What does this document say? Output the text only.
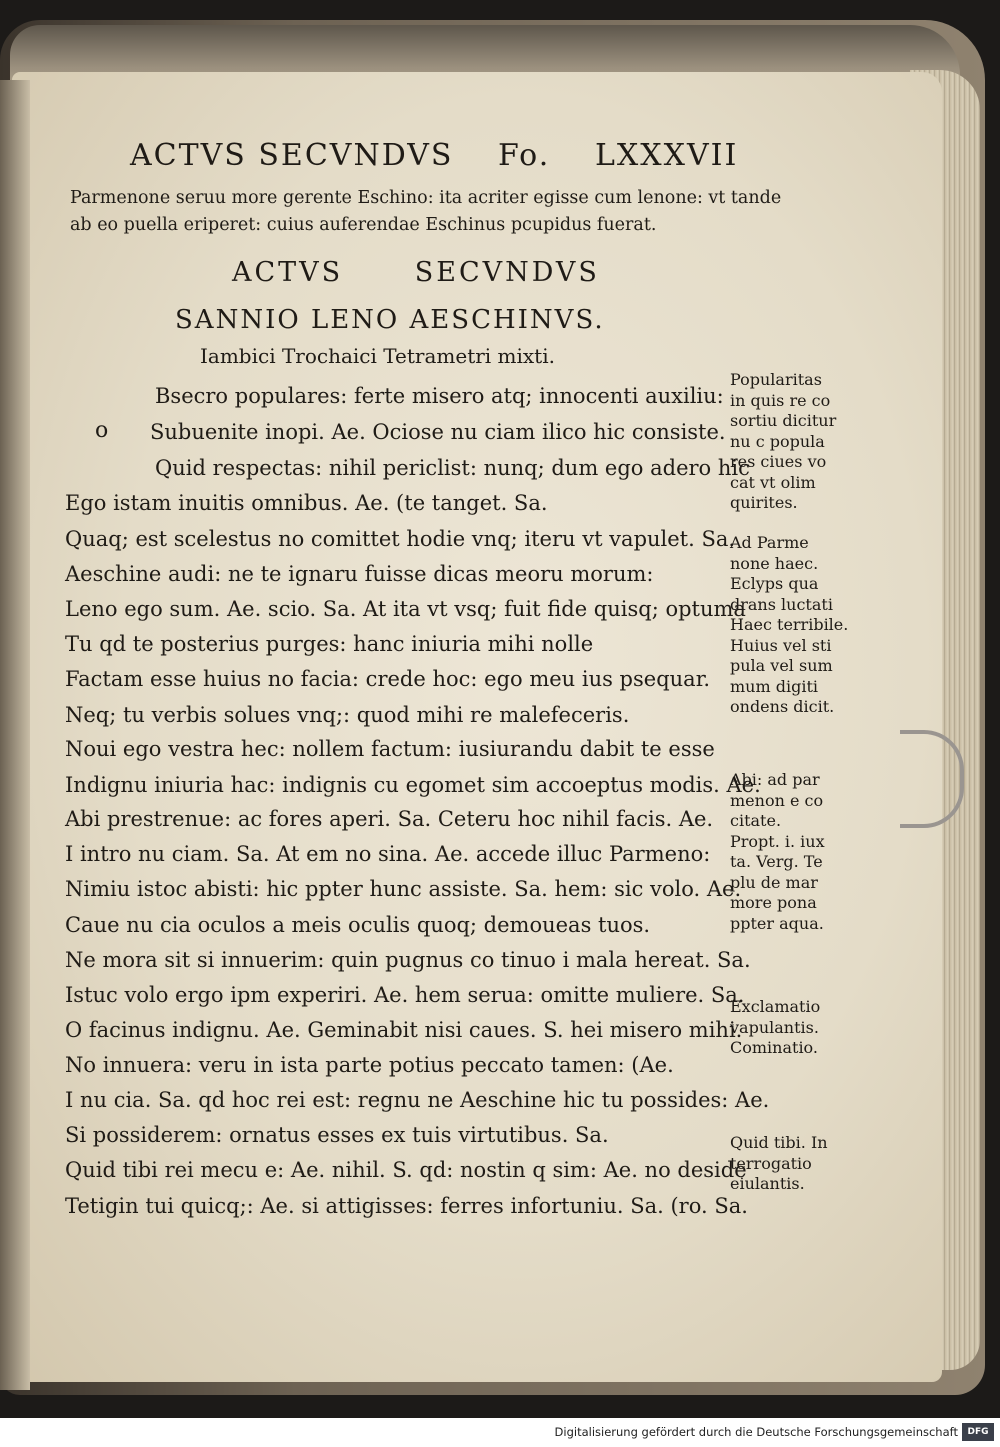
ACTVS SECVNDVS Fo. LXXXVII
Parmenone seruu more gerente Eschino: ita acriter egisse cum lenone: vt tande
ab eo puella eriperet: cuius auferendae Eschinus pcupidus fuerat.
ACTVS	SECVNDVS
SANNIO LENO AESCHINVS.
Iambici Trochaici Tetrametri mixti.
o
Bsecro populares: ferte misero atq; innocenti auxiliu:
Subuenite inopi. Ae. Ociose nu ciam ilico hic consiste.
Quid respectas: nihil periclist: nunq; dum ego adero hic
Ego istam inuitis omnibus. Ae. (te tanget. Sa.
Quaq; est scelestus no comittet hodie vnq; iteru vt vapulet. Sa.
Aeschine audi: ne te ignaru fuisse dicas meoru morum:
Leno ego sum. Ae. scio. Sa. At ita vt vsq; fuit fide quisq; optuma
Tu qd te posterius purges: hanc iniuria mihi nolle
Factam esse huius no facia: crede hoc: ego meu ius psequar.
Neq; tu verbis solues vnq;: quod mihi re malefeceris.
Noui ego vestra hec: nollem factum: iusiurandu dabit te esse
Indignu iniuria hac: indignis cu egomet sim accoeptus modis. Ae.
Abi prestrenue: ac fores aperi. Sa. Ceteru hoc nihil facis. Ae.
I intro nu ciam. Sa. At em no sina. Ae. accede illuc Parmeno:
Nimiu istoc abisti: hic ppter hunc assiste. Sa. hem: sic volo. Ae.
Caue nu cia oculos a meis oculis quoq; demoueas tuos.
Ne mora sit si innuerim: quin pugnus co tinuo i mala hereat. Sa.
Istuc volo ergo ipm experiri. Ae. hem serua: omitte muliere. Sa.
O facinus indignu. Ae. Geminabit nisi caues. S. hei misero mihi.
No innuera: veru in ista parte potius peccato tamen: (Ae.
I nu cia. Sa. qd hoc rei est: regnu ne Aeschine hic tu possides: Ae.
Si possiderem: ornatus esses ex tuis virtutibus. Sa.
Quid tibi rei mecu e: Ae. nihil. S. qd: nostin q sim: Ae. no deside
Tetigin tui quicq;: Ae. si attigisses: ferres infortuniu. Sa. (ro. Sa.
Popularitas
in quis re co
sortiu dicitur
nu c popula
res ciues vo
cat vt olim
quirites.
Ad Parme
none haec.
Eclyps qua
drans luctati
Haec terribile.
Huius vel sti
pula vel sum
mum digiti
ondens dicit.
Abi: ad par
menon e co
citate.
Propt. i. iux
ta. Verg. Te
plu de mar
more pona
ppter aqua.
Exclamatio
vapulantis.
Cominatio.
Quid tibi. In
terrogatio
eiulantis.
Digitalisierung gefördert durch die Deutsche Forschungsgemeinschaft	DFG
